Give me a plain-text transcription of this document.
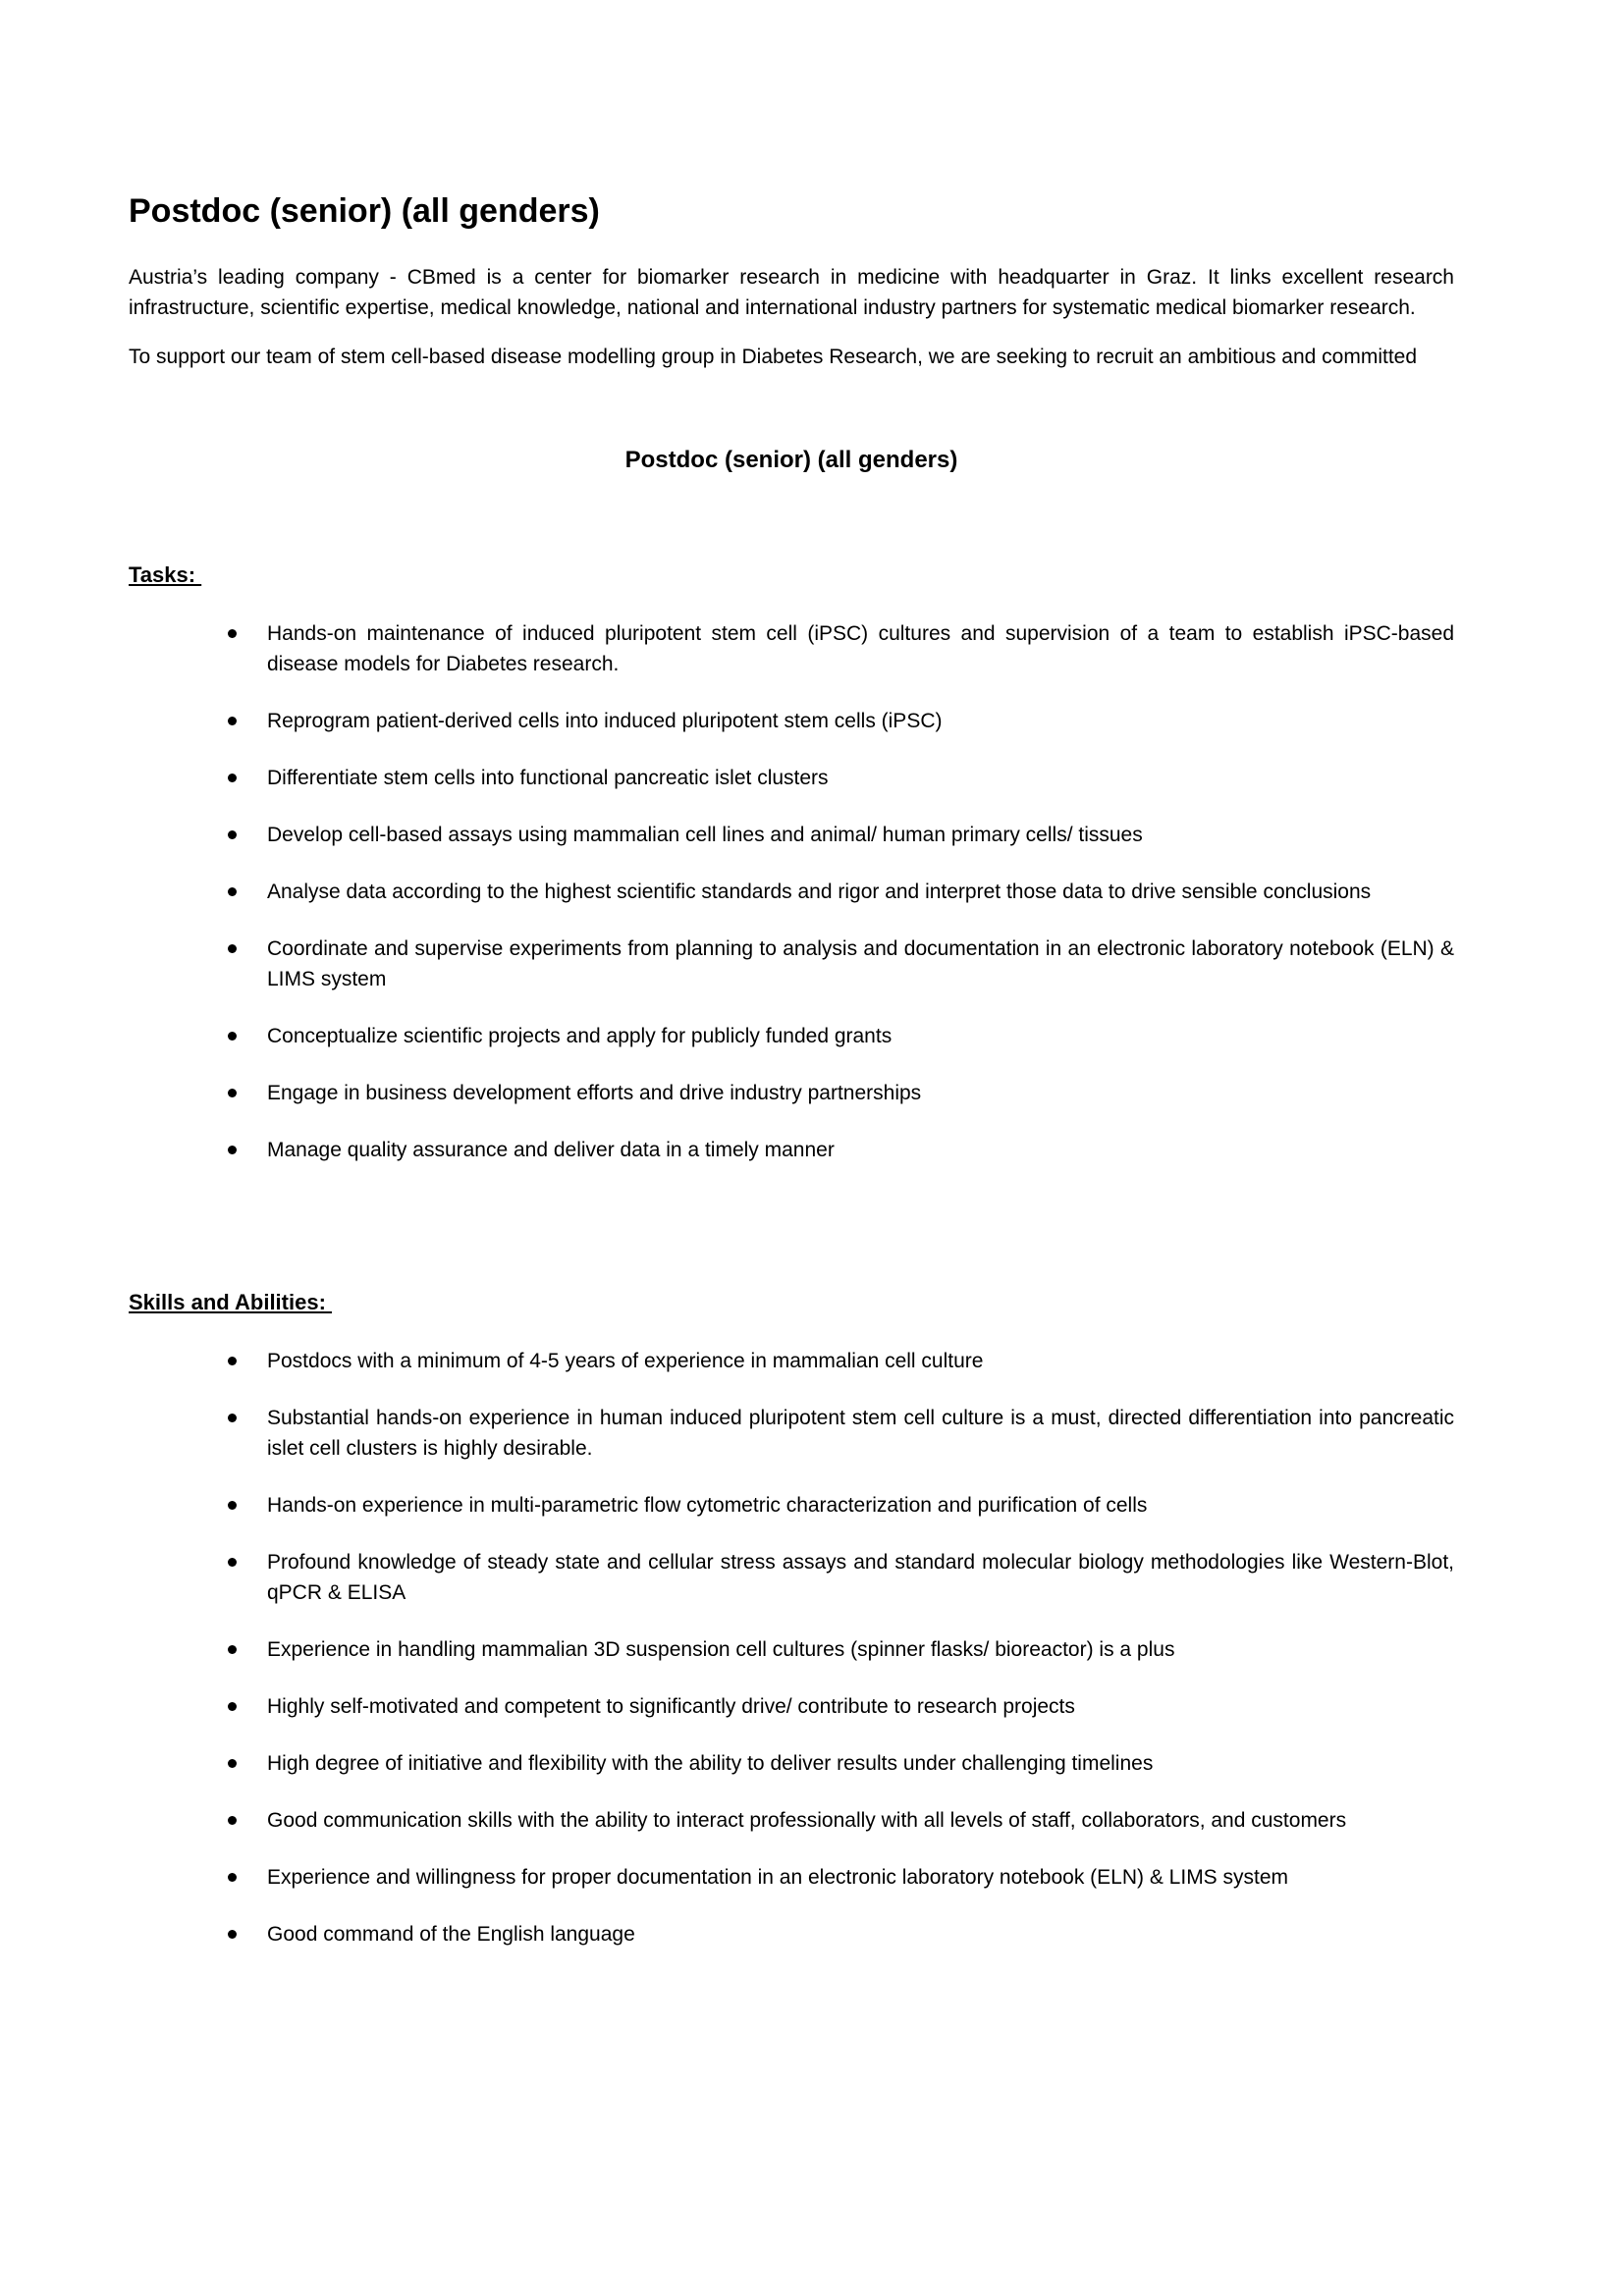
Postdoc (senior) (all genders)

Austria’s leading company - CBmed is a center for biomarker research in medicine with headquarter in Graz. It links excellent research infrastructure, scientific expertise, medical knowledge, national and international industry partners for systematic medical biomarker research.

To support our team of stem cell-based disease modelling group in Diabetes Research, we are seeking to recruit an ambitious and committed

Postdoc (senior) (all genders)
Tasks:
Hands-on maintenance of induced pluripotent stem cell (iPSC) cultures and supervision of a team to establish iPSC-based disease models for Diabetes research.
Reprogram patient-derived cells into induced pluripotent stem cells (iPSC)
Differentiate stem cells into functional pancreatic islet clusters
Develop cell-based assays using mammalian cell lines and animal/ human primary cells/ tissues
Analyse data according to the highest scientific standards and rigor and interpret those data to drive sensible conclusions
Coordinate and supervise experiments from planning to analysis and documentation in an electronic laboratory notebook (ELN) & LIMS system
Conceptualize scientific projects and apply for publicly funded grants
Engage in business development efforts and drive industry partnerships
Manage quality assurance and deliver data in a timely manner
Skills and Abilities:
Postdocs with a minimum of 4-5 years of experience in mammalian cell culture
Substantial hands-on experience in human induced pluripotent stem cell culture is a must, directed differentiation into pancreatic islet cell clusters is highly desirable.
Hands-on experience in multi-parametric flow cytometric characterization and purification of cells
Profound knowledge of steady state and cellular stress assays and standard molecular biology methodologies like Western-Blot, qPCR & ELISA
Experience in handling mammalian 3D suspension cell cultures (spinner flasks/ bioreactor) is a plus
Highly self-motivated and competent to significantly drive/ contribute to research projects
High degree of initiative and flexibility with the ability to deliver results under challenging timelines
Good communication skills with the ability to interact professionally with all levels of staff, collaborators, and customers
Experience and willingness for proper documentation in an electronic laboratory notebook (ELN) & LIMS system
Good command of the English language
